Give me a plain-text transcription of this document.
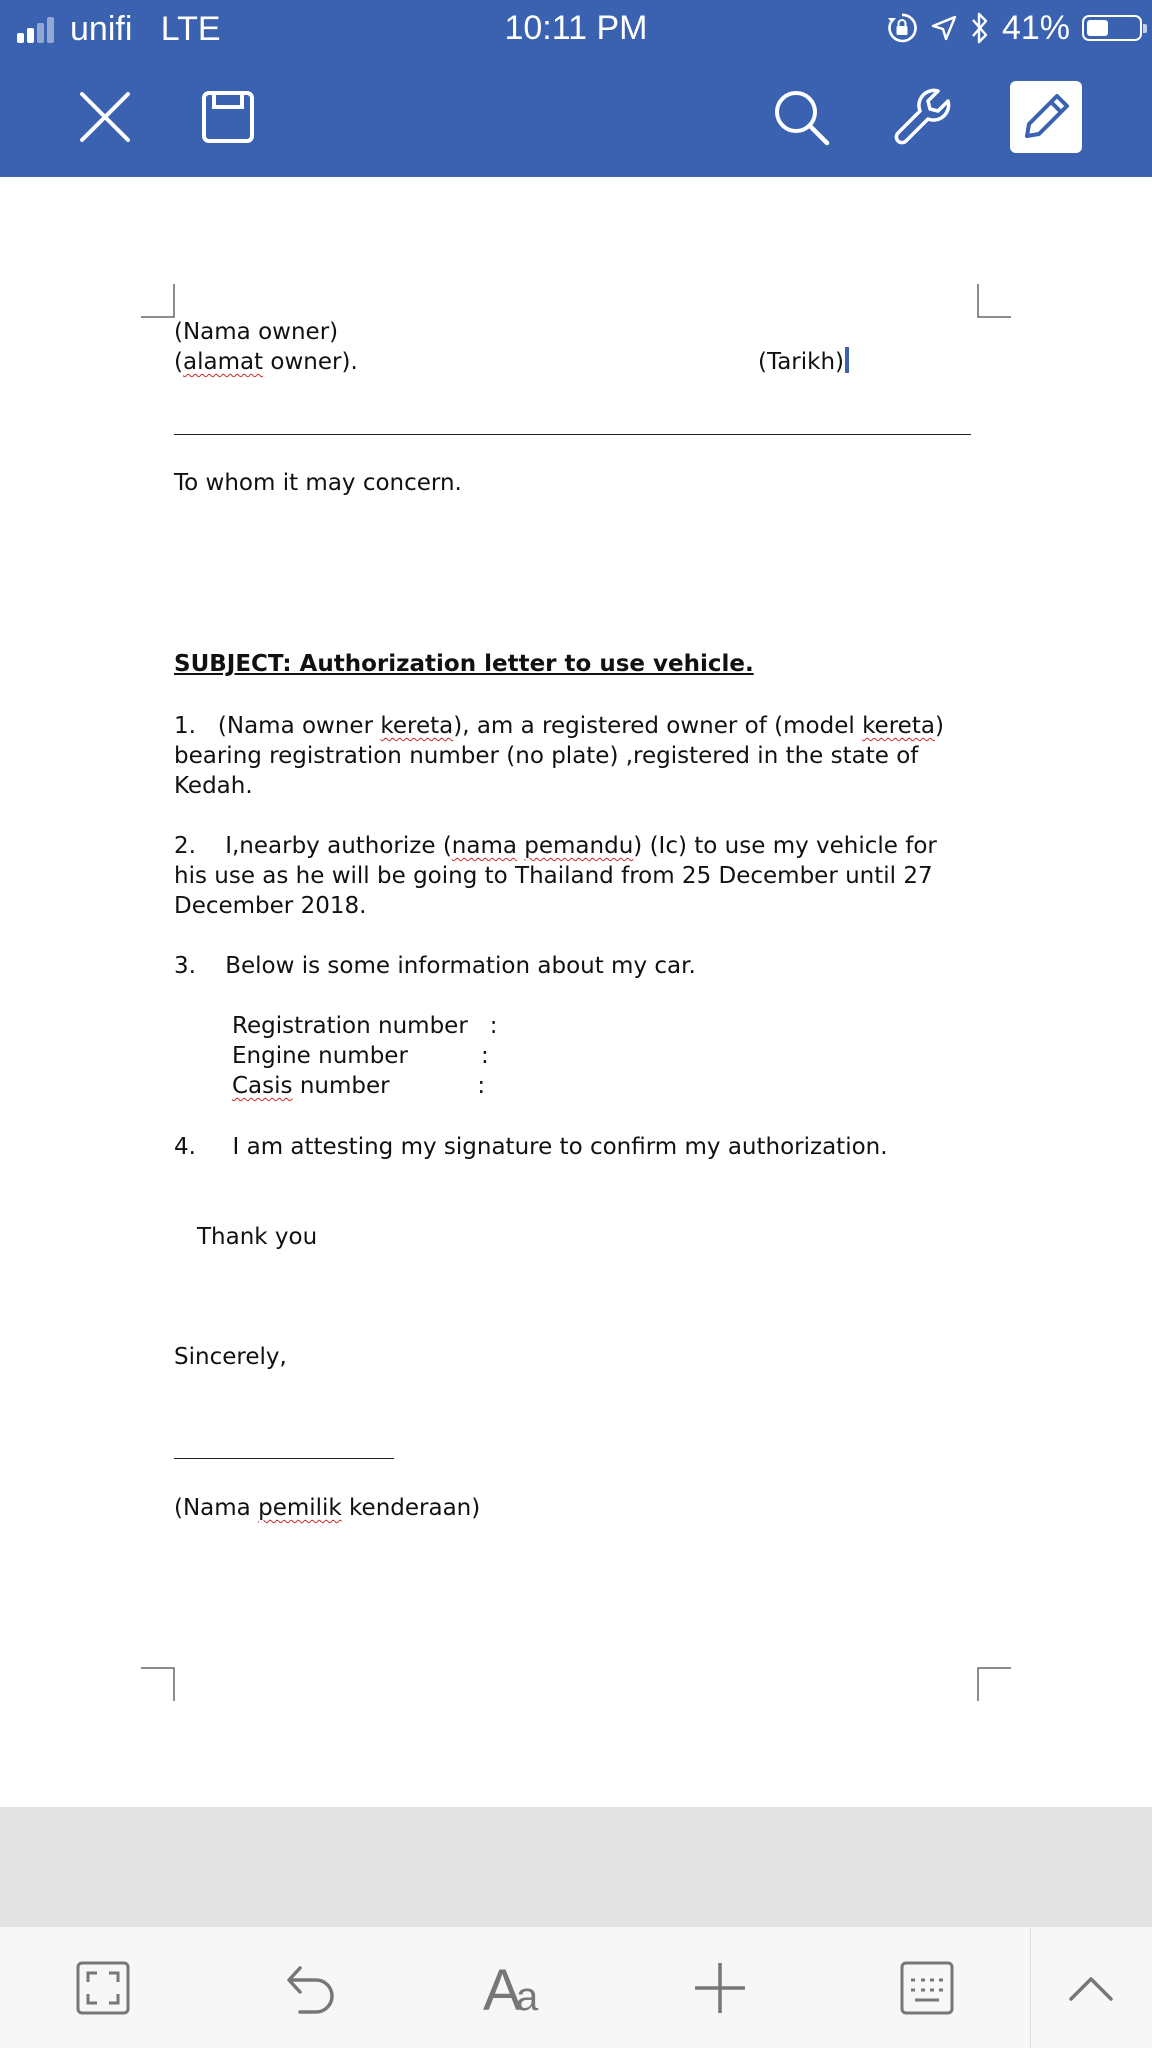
unifi LTE	10:11 PM	41%
(Nama owner)
(alamat owner).	(Tarikh)
To whom it may concern.
SUBJECT: Authorization letter to use vehicle.
1. (Nama owner kereta), am a registered owner of (model kereta)
bearing registration number (no plate) ,registered in the state of
Kedah.
2. I,nearby authorize (nama pemandu) (Ic) to use my vehicle for
his use as he will be going to Thailand from 25 December until 27
December 2018.
3. Below is some information about my car.
Registration number   :
Engine number          :
Casis number            :
4. I am attesting my signature to confirm my authorization.
Thank you
Sincerely,
(Nama pemilik kenderaan)
A
a
